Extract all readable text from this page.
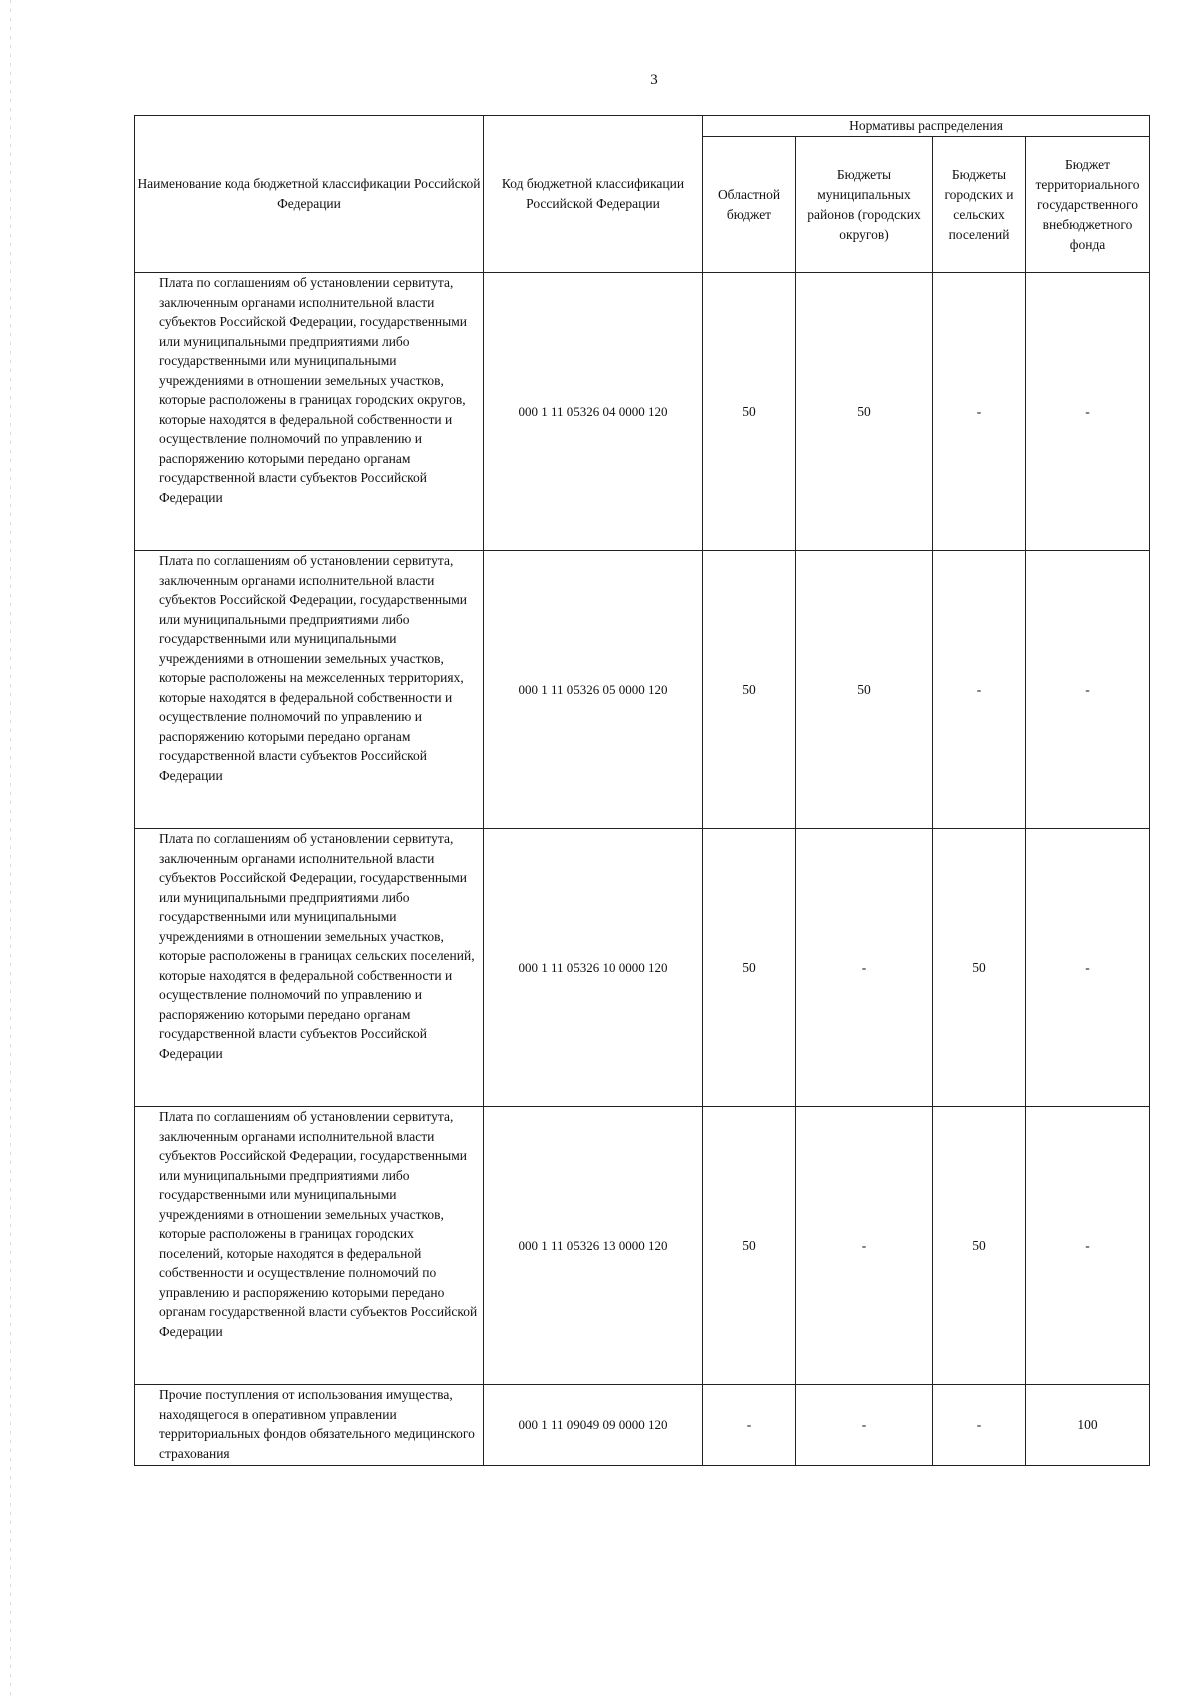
3
Наименование кода бюджетной классификации Российской Федерации	Код бюджетной классификации Российской Федерации	Нормативы распределения			
		Областной бюджет	Бюджеты муниципальных районов (городских округов)	Бюджеты городских и сельских поселений	Бюджет территориального государственного внебюджетного фонда
Плата по соглашениям об установлении сервитута, заключенным органами исполнительной власти субъектов Российской Федерации, государственными или муниципальными предприятиями либо государственными или муниципальными учреждениями в отношении земельных участков, которые расположены в границах городских округов, которые находятся в федеральной собственности и осуществление полномочий по управлению и распоряжению которыми передано органам государственной власти субъектов Российской Федерации	000 1 11 05326 04 0000 120	50	50	-	-
Плата по соглашениям об установлении сервитута, заключенным органами исполнительной власти субъектов Российской Федерации, государственными или муниципальными предприятиями либо государственными или муниципальными учреждениями в отношении земельных участков, которые расположены на межселенных территориях, которые находятся в федеральной собственности и осуществление полномочий по управлению и распоряжению которыми передано органам государственной власти субъектов Российской Федерации	000 1 11 05326 05 0000 120	50	50	-	-
Плата по соглашениям об установлении сервитута, заключенным органами исполнительной власти субъектов Российской Федерации, государственными или муниципальными предприятиями либо государственными или муниципальными учреждениями в отношении земельных участков, которые расположены в границах сельских поселений, которые находятся в федеральной собственности и осуществление полномочий по управлению и распоряжению которыми передано органам государственной власти субъектов Российской Федерации	000 1 11 05326 10 0000 120	50	-	50	-
Плата по соглашениям об установлении сервитута, заключенным органами исполнительной власти субъектов Российской Федерации, государственными или муниципальными предприятиями либо государственными или муниципальными учреждениями в отношении земельных участков, которые расположены в границах городских поселений, которые находятся в федеральной собственности и осуществление полномочий по управлению и распоряжению которыми передано органам государственной власти субъектов Российской Федерации	000 1 11 05326 13 0000 120	50	-	50	-
Прочие поступления от использования имущества, находящегося в оперативном управлении территориальных фондов обязательного медицинского страхования	000 1 11 09049 09 0000 120	-	-	-	100
